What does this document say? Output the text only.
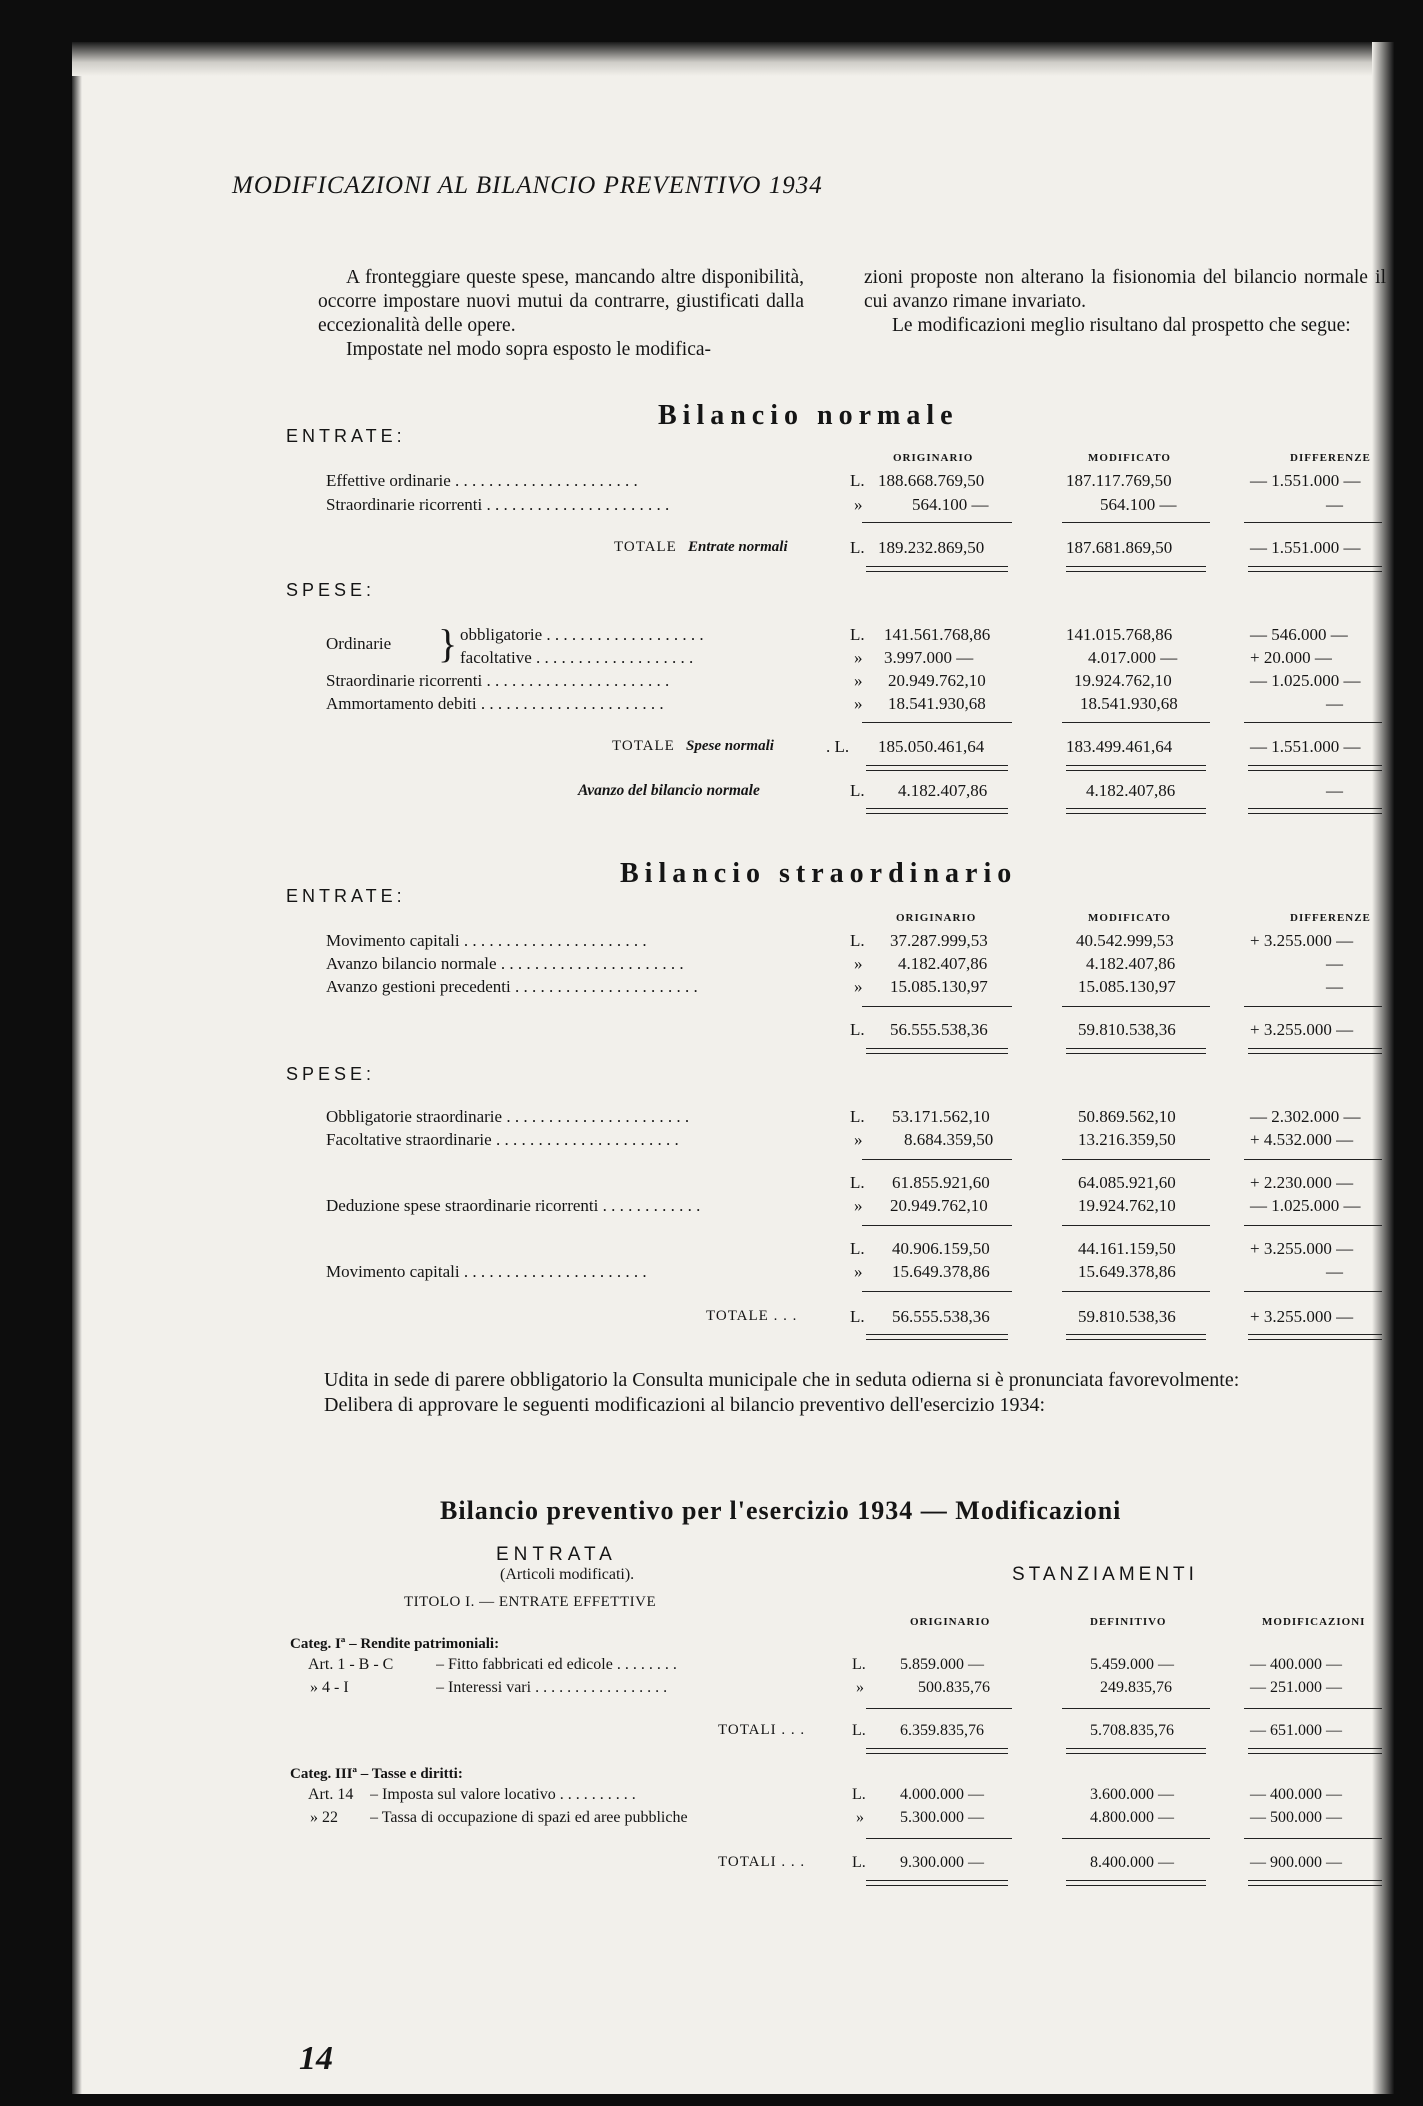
MODIFICAZIONI AL BILANCIO PREVENTIVO 1934

A fronteggiare queste spese, mancando altre disponibilità, occorre impostare nuovi mutui da contrarre, giustificati dalla eccezionalità delle opere.

Impostate nel modo sopra esposto le modifica-

zioni proposte non alterano la fisionomia del bilancio normale il cui avanzo rimane invariato.

Le modificazioni meglio risultano dal prospetto che segue:

Bilancio normale
ENTRATE:
ORIGINARIO	MODIFICATO	DIFFERENZE
Effettive ordinarie . . . . . . . . . . . . . . . . . . . . . .	L. 188.668.769,50	187.117.769,50	— 1.551.000 —
Straordinarie ricorrenti . . . . . . . . . . . . . . . . . . . . . .	»	564.100 —	564.100 —	—
TOTALE Entrate normali	L. 189.232.869,50	187.681.869,50	— 1.551.000 —
SPESE:
Ordinarie } obbligatorie . . . . . . . . . . . . . . . . . . .	L. 141.561.768,86	141.015.768,86	— 546.000 —
facoltative . . . . . . . . . . . . . . . . . . .	» 3.997.000 —	4.017.000 —	+ 20.000 —
Straordinarie ricorrenti . . . . . . . . . . . . . . . . . . . . . .	» 20.949.762,10	19.924.762,10	— 1.025.000 —
Ammortamento debiti . . . . . . . . . . . . . . . . . . . . . .	» 18.541.930,68	18.541.930,68	—
TOTALE Spese normali	. L. 185.050.461,64	183.499.461,64	— 1.551.000 —
Avanzo del bilancio normale	L. 4.182.407,86	4.182.407,86	—
Bilancio straordinario
ENTRATE:
ORIGINARIO	MODIFICATO	DIFFERENZE
Movimento capitali . . . . . . . . . . . . . . . . . . . . . .	L. 37.287.999,53	40.542.999,53	+ 3.255.000 —
Avanzo bilancio normale . . . . . . . . . . . . . . . . . . . . . .	» 4.182.407,86	4.182.407,86	—
Avanzo gestioni precedenti . . . . . . . . . . . . . . . . . . . . . .	» 15.085.130,97	15.085.130,97	—
L. 56.555.538,36	59.810.538,36	+ 3.255.000 —
SPESE:
Obbligatorie straordinarie . . . . . . . . . . . . . . . . . . . . . .	L. 53.171.562,10	50.869.562,10	— 2.302.000 —
Facoltative straordinarie . . . . . . . . . . . . . . . . . . . . . .	» 8.684.359,50	13.216.359,50	+ 4.532.000 —
L. 61.855.921,60	64.085.921,60	+ 2.230.000 —
Deduzione spese straordinarie ricorrenti . . . . . . . . . . . .	» 20.949.762,10	19.924.762,10	— 1.025.000 —
L. 40.906.159,50	44.161.159,50	+ 3.255.000 —
Movimento capitali . . . . . . . . . . . . . . . . . . . . . .	» 15.649.378,86	15.649.378,86	—
TOTALE . . .	L. 56.555.538,36	59.810.538,36	+ 3.255.000 —

Udita in sede di parere obbligatorio la Consulta municipale che in seduta odierna si è pronunciata favorevolmente:

Delibera di approvare le seguenti modificazioni al bilancio preventivo dell'esercizio 1934:

Bilancio preventivo per l'esercizio 1934 — Modificazioni
ENTRATA
(Articoli modificati).	STANZIAMENTI
TITOLO I. — ENTRATE EFFETTIVE
ORIGINARIO	DEFINITIVO	MODIFICAZIONI
Categ. Iª – Rendite patrimoniali:
Art. 1 - B - C	– Fitto fabbricati ed edicole . . . . . . . .	L. 5.859.000 —	5.459.000 —	— 400.000 —
» 4 - I	– Interessi vari . . . . . . . . . . . . . . . . .	»	500.835,76	249.835,76	— 251.000 —
TOTALI . . .	L. 6.359.835,76	5.708.835,76	— 651.000 —
Categ. IIIª – Tasse e diritti:
Art. 14 – Imposta sul valore locativo . . . . . . . . . .	L. 4.000.000 —	3.600.000 —	— 400.000 —
» 22 – Tassa di occupazione di spazi ed aree pubbliche	» 5.300.000 —	4.800.000 —	— 500.000 —
TOTALI . . .	L. 9.300.000 —	8.400.000 —	— 900.000 —
14
